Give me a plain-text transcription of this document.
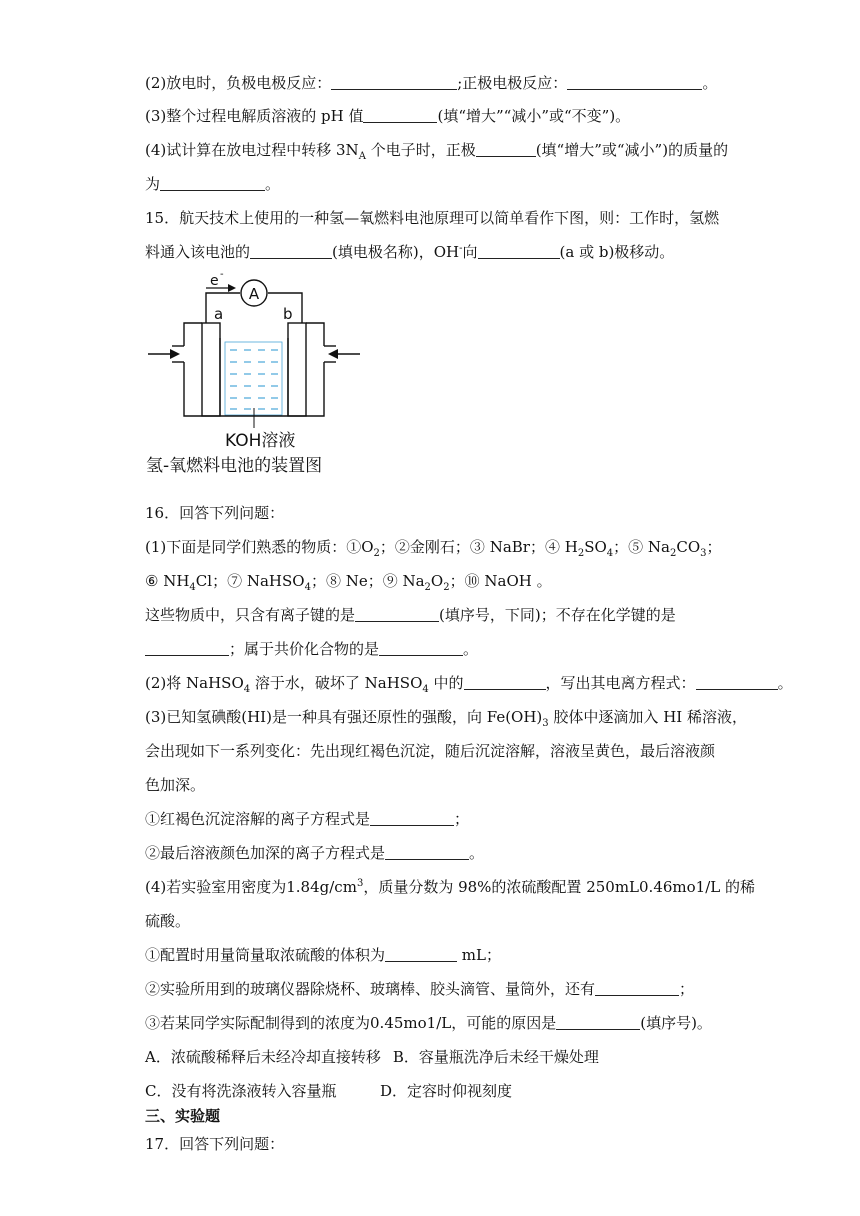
(2)放电时，负极电极反应：	;正极电极反应：	。
(3)整个过程电解质溶液的 pH 值	(填“增大”“减小”或“不变”)。
(4)试计算在放电过程中转移 $3N_A$ 个电子时，正极	(填“增大”或“减小”)的质量的
为	。
15．航天技术上使用的一种氢—氧燃料电池原理可以简单看作下图，则：工作时，氢燃
料通入该电池的	(填电极名称)，OH-向	(a 或 b)极移动。
e -
A
a	b
KOH溶液
氢-氧燃料电池的装置图
16．回答下列问题：
(1)下面是同学们熟悉的物质：$①O_2$；②金刚石；③ NaBr；④ $H_2SO_4$；⑤ $Na_2CO_3$；
⑥ $NH_4Cl$；⑦ NaHSO$_4$；⑧ Ne；⑨ $Na_2O_2$；⑩ NaOH 。
这些物质中，只含有离子键的是	(填序号，下同)；不存在化学键的是
；属于共价化合物的是	。
(2)将 NaHSO$_4$ 溶于水，破坏了 NaHSO$_4$ 中的	，写出其电离方程式：	。
(3)已知氢碘酸(HI)是一种具有强还原性的强酸，向 $Fe(OH)_3$ 胶体中逐滴加入 HI 稀溶液，
会出现如下一系列变化：先出现红褐色沉淀，随后沉淀溶解，溶液呈黄色，最后溶液颜
色加深。
①红褐色沉淀溶解的离子方程式是	；
②最后溶液颜色加深的离子方程式是	。
(4)若实验室用密度为$1.84g/cm^3$，质量分数为 98%的浓硫酸配置 250mL0.46mo1/L 的稀
硫酸。
①配置时用量筒量取浓硫酸的体积为	mL；
②实验所用到的玻璃仪器除烧杯、玻璃棒、胶头滴管、量筒外，还有	；
③若某同学实际配制得到的浓度为0.45mo1/L，可能的原因是	(填序号)。
A．浓硫酸稀释后未经冷却直接转移 B．容量瓶洗净后未经干燥处理
C．没有将洗涤液转入容量瓶	D．定容时仰视刻度
三、实验题
17．回答下列问题：
